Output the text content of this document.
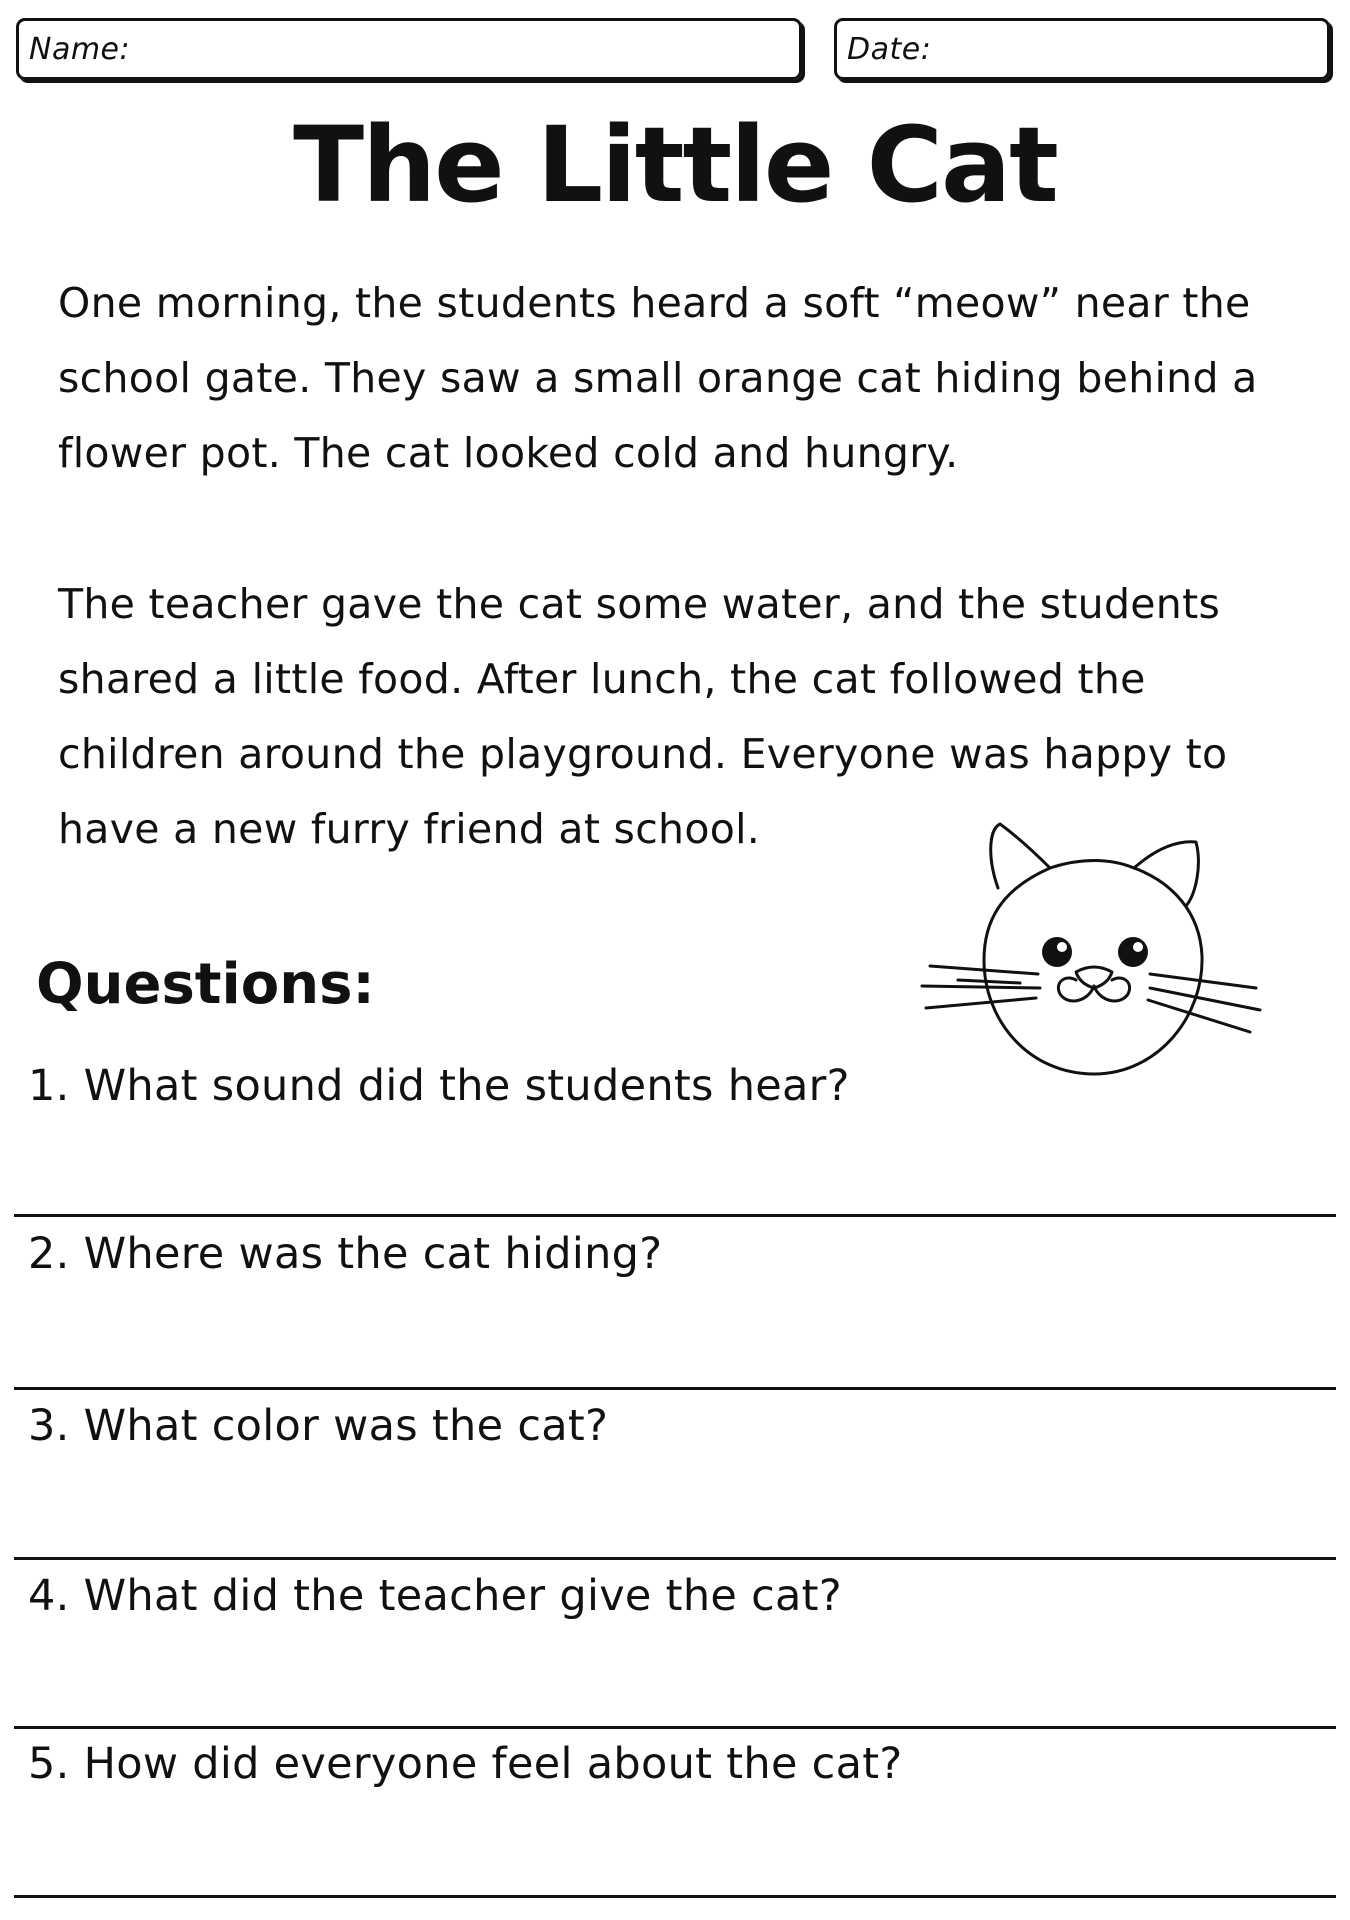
Name:	Date:
The Little Cat

One morning, the students heard a soft “meow” near the school gate. They saw a small orange cat hiding behind a flower pot. The cat looked cold and hungry.

The teacher gave the cat some water, and the students shared a little food. After lunch, the cat followed the children around the playground. Everyone was happy to have a new furry friend at school.

Questions:

1. What sound did the students hear?

2. Where was the cat hiding?

3. What color was the cat?

4. What did the teacher give the cat?

5. How did everyone feel about the cat?
